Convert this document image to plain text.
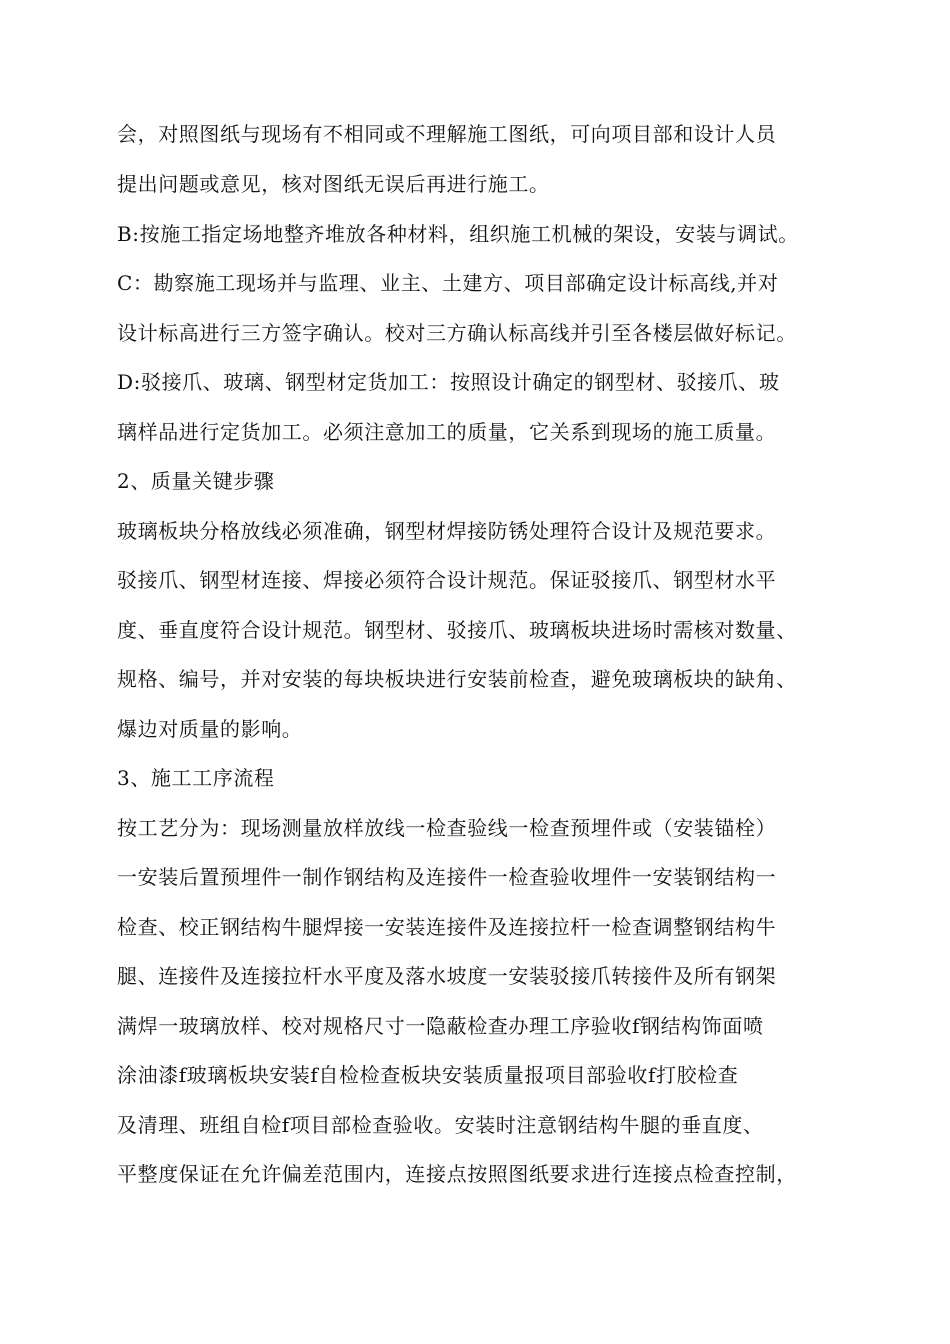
会，对照图纸与现场有不相同或不理解施工图纸，可向项目部和设计人员
提出问题或意见，核对图纸无误后再进行施工。
B:按施工指定场地整齐堆放各种材料，组织施工机械的架设，安装与调试。
C：勘察施工现场并与监理、业主、土建方、项目部确定设计标高线,并对
设计标高进行三方签字确认。校对三方确认标高线并引至各楼层做好标记。
D:驳接爪、玻璃、钢型材定货加工：按照设计确定的钢型材、驳接爪、玻
璃样品进行定货加工。必须注意加工的质量，它关系到现场的施工质量。
2、质量关键步骤
玻璃板块分格放线必须准确，钢型材焊接防锈处理符合设计及规范要求。
驳接爪、钢型材连接、焊接必须符合设计规范。保证驳接爪、钢型材水平
度、垂直度符合设计规范。钢型材、驳接爪、玻璃板块进场时需核对数量、
规格、编号，并对安装的每块板块进行安装前检查，避免玻璃板块的缺角、
爆边对质量的影响。
3、施工工序流程
按工艺分为：现场测量放样放线一检查验线一检查预埋件或（安装锚栓）
一安装后置预埋件一制作钢结构及连接件一检查验收埋件一安装钢结构一
检查、校正钢结构牛腿焊接一安装连接件及连接拉杆一检查调整钢结构牛
腿、连接件及连接拉杆水平度及落水坡度一安装驳接爪转接件及所有钢架
满焊一玻璃放样、校对规格尺寸一隐蔽检查办理工序验收f钢结构饰面喷
涂油漆f玻璃板块安装f自检检查板块安装质量报项目部验收f打胶检查
及清理、班组自检f项目部检查验收。安装时注意钢结构牛腿的垂直度、
平整度保证在允许偏差范围内，连接点按照图纸要求进行连接点检查控制，
